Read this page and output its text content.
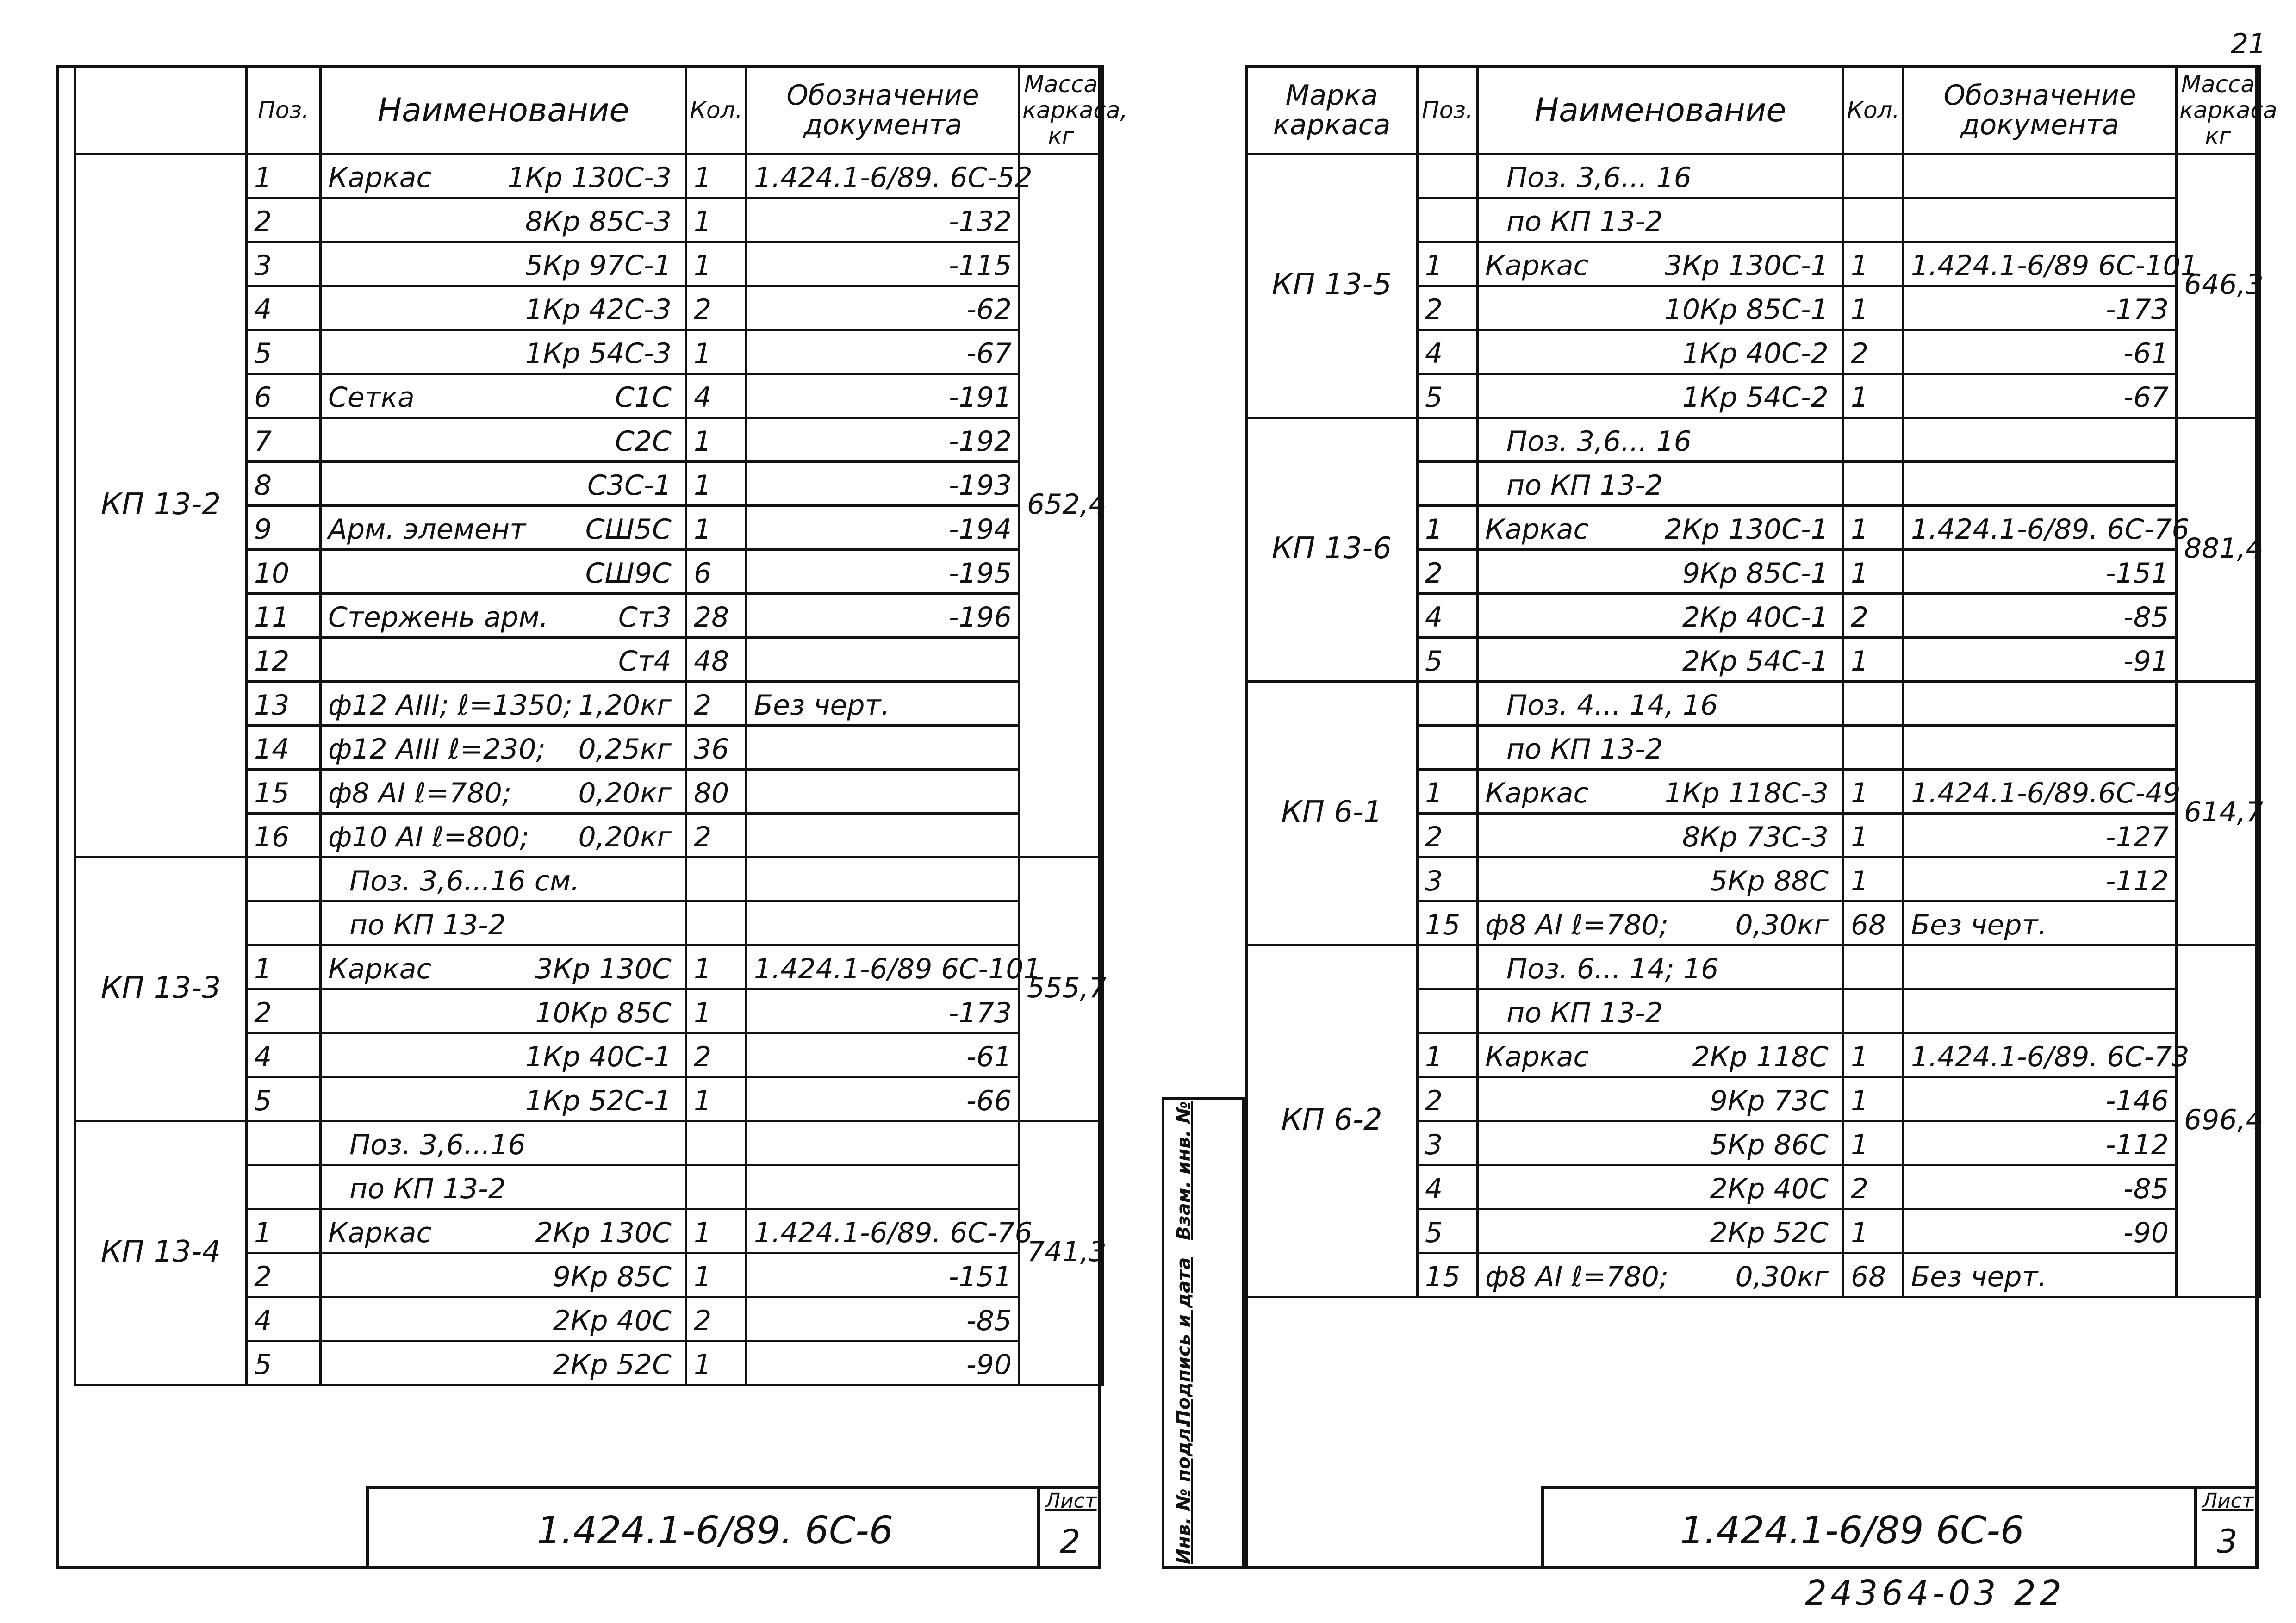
	Поз.	Наименование	Кол.	Обозначение документа	Масса каркаса, кг
КП 13-2	1	Каркас 1Кр 130С-3	1	1.424.1-6/89. 6С-52	652,4
	2	8Кр 85С-3	1	-132	
	3	5Кр 97С-1	1	-115	
	4	1Кр 42С-3	2	-62	
	5	1Кр 54С-3	1	-67	
	6	Сетка С1С	4	-191	
	7	С2С	1	-192	
	8	С3С-1	1	-193	
	9	Арм. элемент СШ5С	1	-194	
	10	СШ9С	6	-195	
	11	Стержень арм. Ст3	28	-196	
	12	Ст4	48		
	13	ф12 AIII; ℓ=1350; 1,20кг	2	Без черт.	
	14	ф12 AIII ℓ=230; 0,25кг	36		
	15	ф8 AI ℓ=780; 0,20кг	80		
	16	ф10 AI ℓ=800; 0,20кг	2		
КП 13-3		Поз. 3,6...16 см.			555,7
		по КП 13-2			
	1	Каркас 3Кр 130С	1	1.424.1-6/89 6С-101	
	2	10Кр 85С	1	-173	
	4	1Кр 40С-1	2	-61	
	5	1Кр 52С-1	1	-66	
КП 13-4		Поз. 3,6...16			741,3
		по КП 13-2			
	1	Каркас 2Кр 130С	1	1.424.1-6/89. 6С-76	
	2	9Кр 85С	1	-151	
	4	2Кр 40С	2	-85	
	5	2Кр 52С	1	-90	
1.424.1-6/89. 6С-6
Лист
2	Инв. № подл.
Подпись и дата
Взам. инв. №
Марка каркаса	Поз.	Наименование	Кол.	Обозначение документа	Масса каркаса кг
КП 13-5		Поз. 3,6... 16			646,3
		по КП 13-2			
	1	Каркас 3Кр 130С-1	1	1.424.1-6/89 6С-101	
	2	10Кр 85С-1	1	-173	
	4	1Кр 40С-2	2	-61	
	5	1Кр 54С-2	1	-67	
КП 13-6		Поз. 3,6... 16			881,4
		по КП 13-2			
	1	Каркас 2Кр 130С-1	1	1.424.1-6/89. 6С-76	
	2	9Кр 85С-1	1	-151	
	4	2Кр 40С-1	2	-85	
	5	2Кр 54С-1	1	-91	
КП 6-1		Поз. 4... 14, 16			614,7
		по КП 13-2			
	1	Каркас 1Кр 118С-3	1	1.424.1-6/89.6С-49	
	2	8Кр 73С-3	1	-127	
	3	5Кр 88С	1	-112	
	15	ф8 AI ℓ=780; 0,30кг	68	Без черт.	
КП 6-2		Поз. 6... 14; 16			696,4
		по КП 13-2			
	1	Каркас 2Кр 118С	1	1.424.1-6/89. 6С-73	
	2	9Кр 73С	1	-146	
	3	5Кр 86С	1	-112	
	4	2Кр 40С	2	-85	
	5	2Кр 52С	1	-90	
	15	ф8 AI ℓ=780; 0,30кг	68	Без черт.	
1.424.1-6/89 6С-6
Лист
3
21
24364-03 22
